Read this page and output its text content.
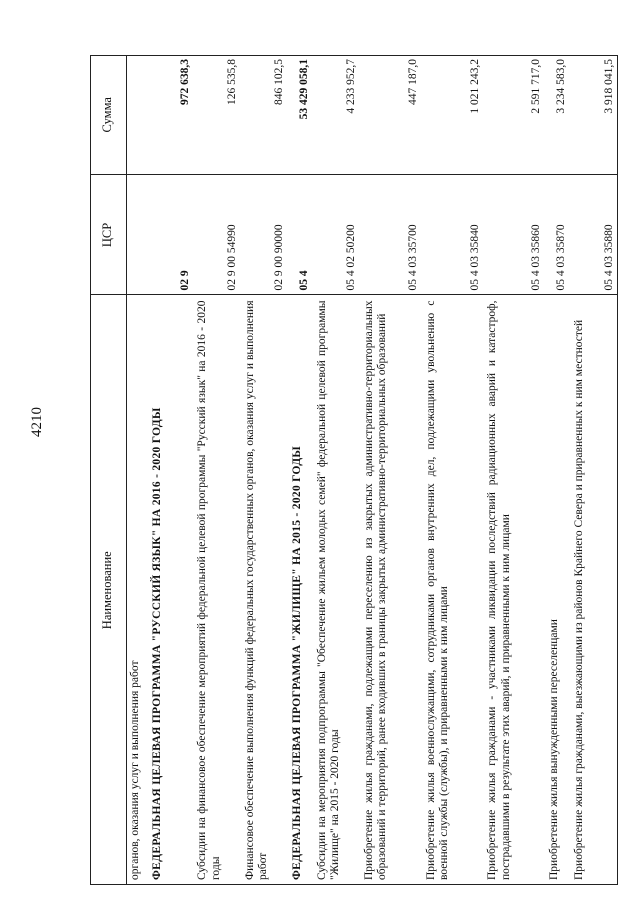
4210
Наименование	ЦСР	Сумма
органов, оказания услуг и выполнения работ		
ФЕДЕРАЛЬНАЯ ЦЕЛЕВАЯ ПРОГРАММА "РУССКИЙ ЯЗЫК" НА 2016 - 2020 ГОДЫ	02 9	972 638,3
Субсидии на финансовое обеспечение мероприятий федеральной целевой программы "Русский язык" на 2016 - 2020 годы	02 9 00 54990	126 535,8
Финансовое обеспечение выполнения функций федеральных государственных органов, оказания услуг и выполнения работ	02 9 00 90000	846 102,5
ФЕДЕРАЛЬНАЯ ЦЕЛЕВАЯ ПРОГРАММА "ЖИЛИЩЕ" НА 2015 - 2020 ГОДЫ	05 4	53 429 058,1
Субсидии на мероприятия подпрограммы "Обеспечение жильем молодых семей" федеральной целевой программы "Жилище" на 2015 - 2020 годы	05 4 02 50200	4 233 952,7
Приобретение жилья гражданами, подлежащими переселению из закрытых административно-территориальных образований и территорий, ранее входивших в границы закрытых административно-территориальных образований	05 4 03 35700	447 187,0
Приобретение жилья военнослужащими, сотрудниками органов внутренних дел, подлежащими увольнению с военной службы (службы), и приравненными к ним лицами	05 4 03 35840	1 021 243,2
Приобретение жилья гражданами - участниками ликвидации последствий радиационных аварий и катастроф, пострадавшими в результате этих аварий, и приравненными к ним лицами	05 4 03 35860	2 591 717,0
Приобретение жилья вынужденными переселенцами	05 4 03 35870	3 234 583,0
Приобретение жилья гражданами, выезжающими из районов Крайнего Севера и приравненных к ним местностей	05 4 03 35880	3 918 041,5
